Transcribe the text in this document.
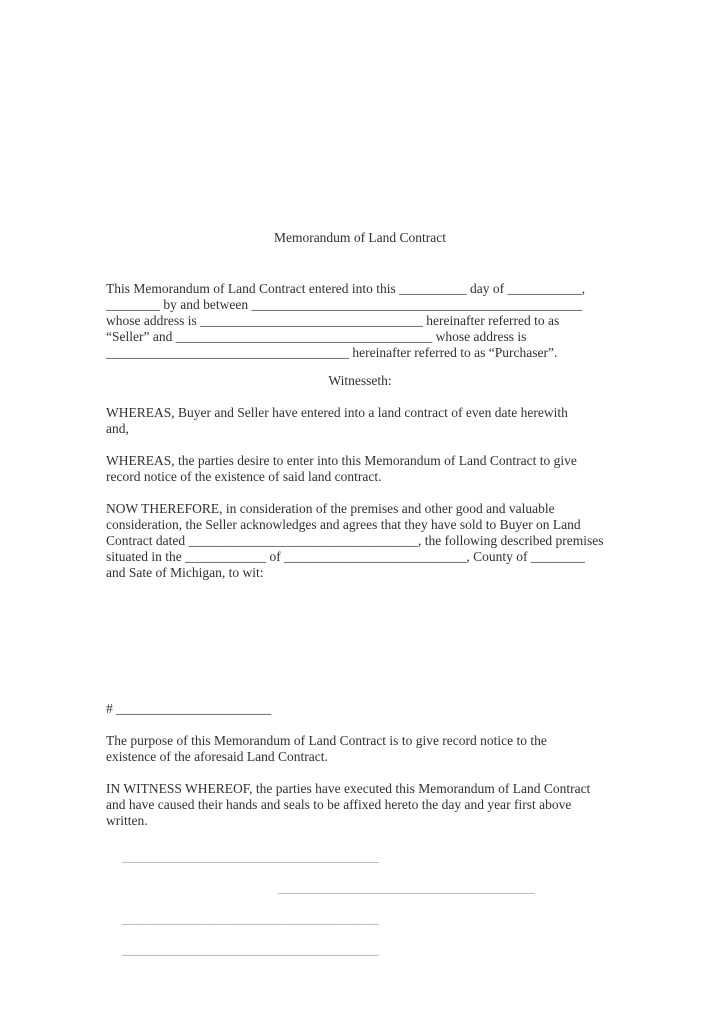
Memorandum of Land Contract
This Memorandum of Land Contract entered into this __________ day of ___________,
________ by and between _________________________________________________
whose address is _________________________________ hereinafter referred to as
“Seller” and ______________________________________ whose address is
____________________________________ hereinafter referred to as “Purchaser”.
Witnesseth:
WHEREAS, Buyer and Seller have entered into a land contract of even date herewith
and,
WHEREAS, the parties desire to enter into this Memorandum of Land Contract to give
record notice of the existence of said land contract.
NOW THEREFORE, in consideration of the premises and other good and valuable
consideration, the Seller acknowledges and agrees that they have sold to Buyer on Land
Contract dated __________________________________, the following described premises
situated in the ____________ of ___________________________, County of ________
and Sate of Michigan, to wit:
# _______________________
The purpose of this Memorandum of Land Contract is to give record notice to the
existence of the aforesaid Land Contract.
IN WITNESS WHEREOF, the parties have executed this Memorandum of Land Contract
and have caused their hands and seals to be affixed hereto the day and year first above
written.
______________________________________
______________________________________
______________________________________
______________________________________
